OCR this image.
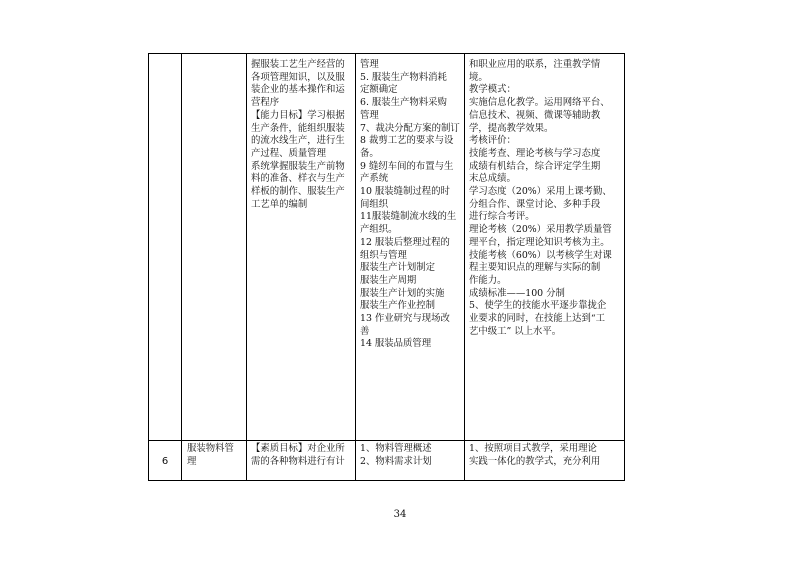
握服装工艺生产经营的
各项管理知识，以及服
装企业的基本操作和运
营程序
【能力目标】学习根据
生产条件，能组织服装
的流水线生产，进行生
产过程、质量管理
系统掌握服装生产前物
料的准备、样衣与生产
样板的制作、服装生产
工艺单的编制
管理
5. 服装生产物料消耗
定额确定
6. 服装生产物料采购
管理
7、裁决分配方案的制订
8 裁剪工艺的要求与设
备。
9 缝纫车间的布置与生
产系统
10 服装缝制过程的时
间组织
11服装缝制流水线的生
产组织。
12 服装后整理过程的
组织与管理
服装生产计划制定
服装生产周期
服装生产计划的实施
服装生产作业控制
13 作业研究与现场改
善
14 服装品质管理
和职业应用的联系，注重教学情
境。
教学模式：
实施信息化教学。运用网络平台、
信息技术、视频、微课等辅助教
学，提高教学效果。
考核评价：
技能考查、理论考核与学习态度
成绩有机结合，综合评定学生期
末总成绩。
学习态度（20%）采用上课考勤、
分组合作、课堂讨论、多种手段
进行综合考评。
理论考核（20%）采用教学质量管
理平台，指定理论知识考核为主。
技能考核（60%）以考核学生对课
程主要知识点的理解与实际的制
作能力。
成绩标准——100 分制
5、使学生的技能水平逐步靠拢企
业要求的同时，在技能上达到“工
艺中级工” 以上水平。
6
服装物料管
理
【素质目标】对企业所
需的各种物料进行有计
1、物料管理概述
2、物料需求计划
1、按照项目式教学，采用理论
实践一体化的教学式，充分利用
34
